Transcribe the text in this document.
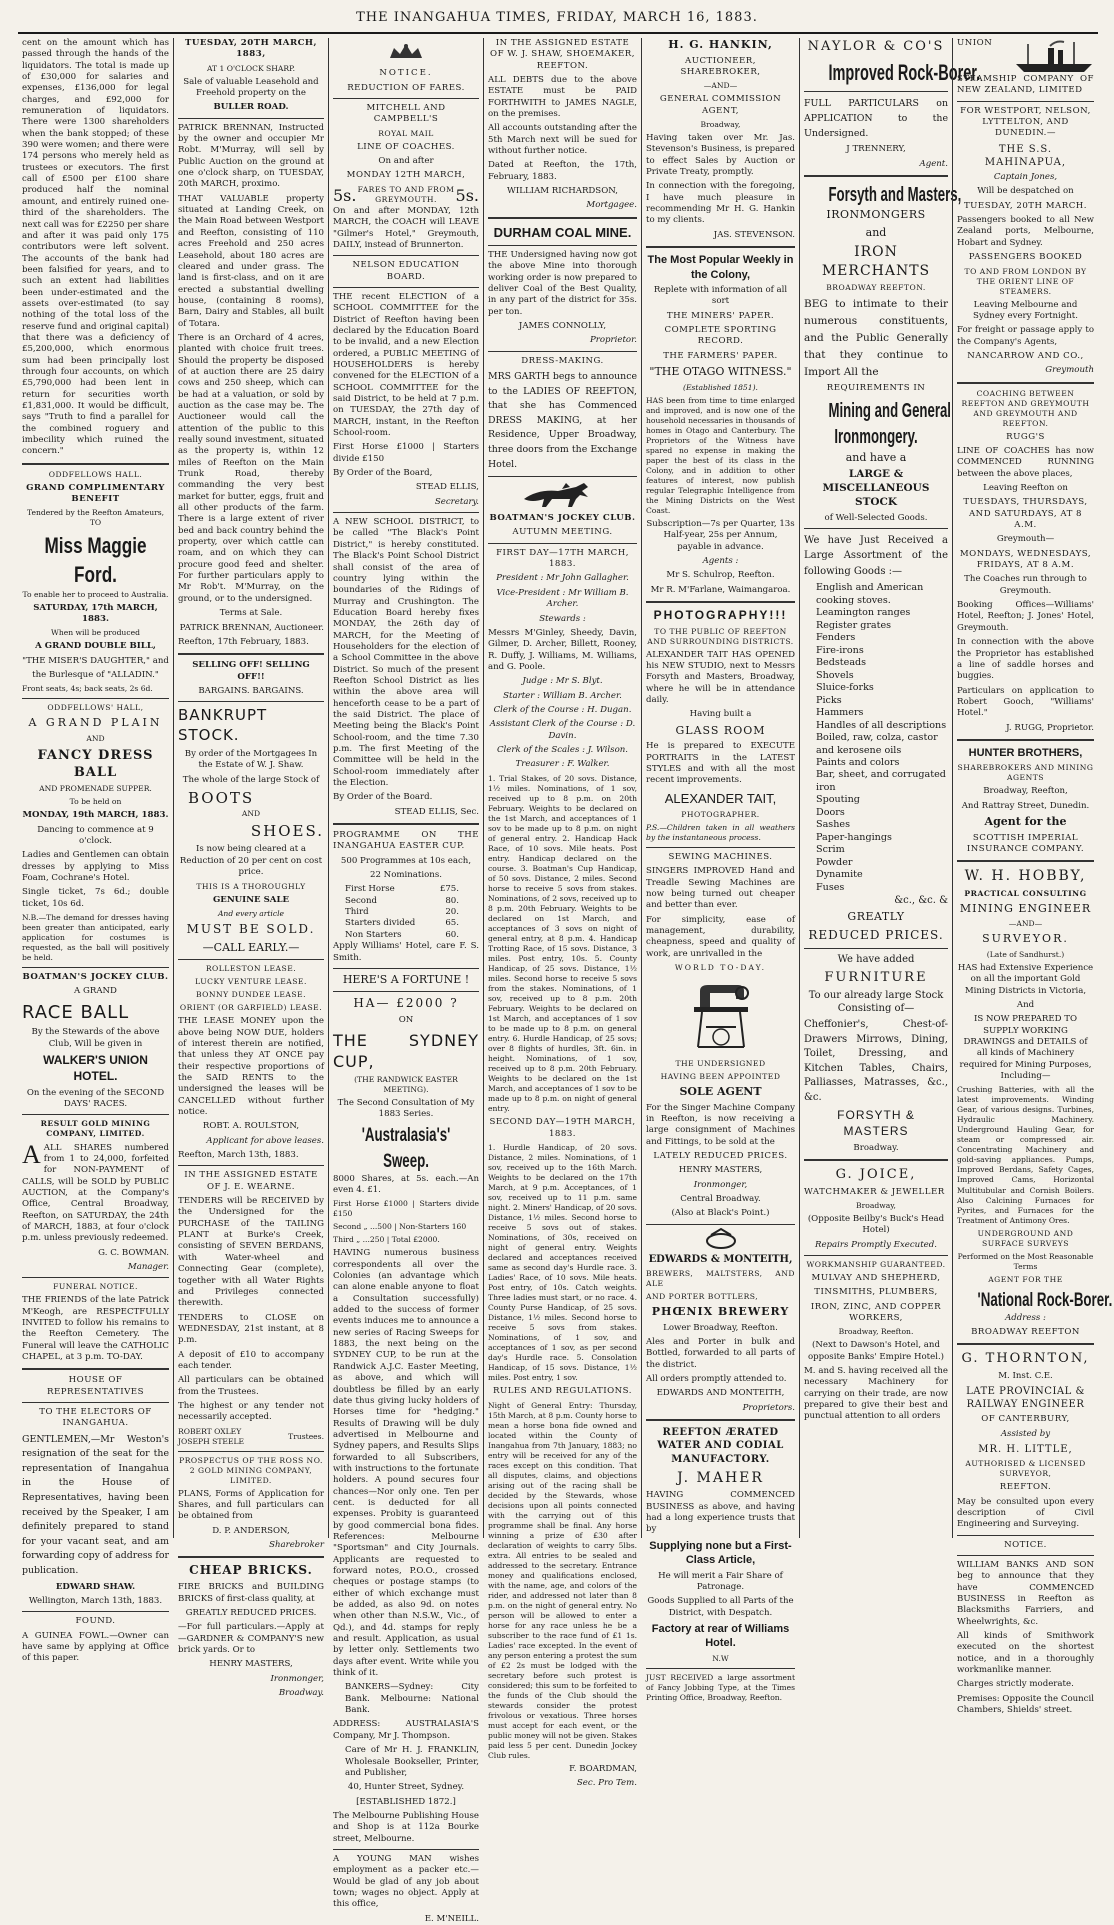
THE INANGAHUA TIMES, FRIDAY, MARCH 16, 1883.

cent on the amount which has passed through the hands of the liquidators. The total is made up of £30,000 for salaries and expenses, £136,000 for legal charges, and £92,000 for remuneration of liquidators. There were 1300 shareholders when the bank stopped; of these 390 were women; and there were 174 persons who merely held as trustees or executors. The first call of £500 per £100 share produced half the nominal amount, and entirely ruined one-third of the shareholders. The next call was for £2250 per share and after it was paid only 175 contributors were left solvent. The accounts of the bank had been falsified for years, and to such an extent had liabilities been under-estimated and the assets over-estimated (to say nothing of the total loss of the reserve fund and original capital) that there was a deficiency of £5,200,000, which enormous sum had been principally lost through four accounts, on which £5,790,000 had been lent in return for securities worth £1,831,000. It would be difficult, says "Truth to find a parallel for the combined roguery and imbecility which ruined the concern."

ODDFELLOWS HALL.

GRAND COMPLIMENTARY BENEFIT

Tendered by the Reefton Amateurs, TO

Miss Maggie Ford.

To enable her to proceed to Australia.

SATURDAY, 17th MARCH, 1883.

When will be produced

A GRAND DOUBLE BILL,

"THE MISER'S DAUGHTER," and

the Burlesque of "ALLADIN."

Front seats, 4s; back seats, 2s 6d.

ODDFELLOWS' HALL,

A GRAND PLAIN

AND

FANCY DRESS BALL

AND PROMENADE SUPPER.

To be held on

MONDAY, 19th MARCH, 1883.

Dancing to commence at 9 o'clock.

Ladies and Gentlemen can obtain dresses by applying to Miss Foam, Cochrane's Hotel.

Single ticket, 7s 6d.; double ticket, 10s 6d.

N.B.—The demand for dresses having been greater than anticipated, early application for costumes is requested, as the ball will positively be held.

BOATMAN'S JOCKEY CLUB.

A GRAND

RACE BALL

By the Stewards of the above Club, Will be given in

WALKER'S UNION HOTEL.

On the evening of the SECOND DAYS' RACES.

RESULT GOLD MINING COMPANY, LIMITED.

AALL SHARES numbered from 1 to 24,000, forfeited for NON-PAYMENT of CALLS, will be SOLD by PUBLIC AUCTION, at the Company's Office, Central Broadway, Reefton, on SATURDAY, the 24th of MARCH, 1883, at four o'clock p.m. unless previously redeemed.

G. C. BOWMAN.

Manager.

FUNERAL NOTICE.

THE FRIENDS of the late Patrick M'Keogh, are RESPECTFULLY INVITED to follow his remains to the Reefton Cemetery. The Funeral will leave the CATHOLIC CHAPEL, at 3 p.m. TO-DAY.

HOUSE OF REPRESENTATIVES

TO THE ELECTORS OF INANGAHUA.

GENTLEMEN,—Mr Weston's resignation of the seat for the representation of Inangahua in the House of Representatives, having been received by the Speaker, I am definitely prepared to stand for your vacant seat, and am forwarding copy of address for publication.

EDWARD SHAW.

Wellington, March 13th, 1883.

FOUND.

A GUINEA FOWL.—Owner can have same by applying at Office of this paper.

TUESDAY, 20TH MARCH, 1883,

AT 1 O'CLOCK SHARP.

Sale of valuable Leasehold and Freehold property on the

BULLER ROAD.

PATRICK BRENNAN, Instructed by the owner and occupier Mr Robt. M'Murray, will sell by Public Auction on the ground at one o'clock sharp, on TUESDAY, 20th MARCH, proximo.

THAT VALUABLE property situated at Landing Creek, on the Main Road between Westport and Reefton, consisting of 110 acres Freehold and 250 acres Leasehold, about 180 acres are cleared and under grass. The land is first-class, and on it are erected a substantial dwelling house, (containing 8 rooms), Barn, Dairy and Stables, all built of Totara.

There is an Orchard of 4 acres, planted with choice fruit trees. Should the property be disposed of at auction there are 25 dairy cows and 250 sheep, which can be had at a valuation, or sold by auction as the case may be. The Auctioneer would call the attention of the public to this really sound investment, situated as the property is, within 12 miles of Reefton on the Main Trunk Road, thereby commanding the very best market for butter, eggs, fruit and all other products of the farm. There is a large extent of river bed and back country behind the property, over which cattle can roam, and on which they can procure good feed and shelter. For further particulars apply to Mr Rob't. M'Murray, on the ground, or to the undersigned.

Terms at Sale.

PATRICK BRENNAN, Auctioneer.

Reefton, 17th February, 1883.

SELLING OFF! SELLING OFF!!

BARGAINS. BARGAINS.

BANKRUPT STOCK.

By order of the Mortgagees In the Estate of W. J. Shaw.

The whole of the large Stock of

BOOTS

AND

SHOES.

Is now being cleared at a Reduction of 20 per cent on cost price.

THIS IS A THOROUGHLY

GENUINE SALE

And every article

MUST BE SOLD.

—CALL EARLY.—

ROLLESTON LEASE.

LUCKY VENTURE LEASE.

BONNY DUNDEE LEASE.

ORIENT (OR GARFIELD) LEASE.

THE LEASE MONEY upon the above being NOW DUE, holders of interest therein are notified, that unless they AT ONCE pay their respective proportions of the SAID RENTS to the undersigned the leases will be CANCELLED without further notice.

ROBT. A. ROULSTON,

Applicant for above leases.

Reefton, March 13th, 1883.

IN THE ASSIGNED ESTATE OF J. E. WEARNE.

TENDERS will be RECEIVED by the Undersigned for the PURCHASE of the TAILING PLANT at Burke's Creek, consisting of SEVEN BERDANS, with Water-wheel and Connecting Gear (complete), together with all Water Rights and Privileges connected therewith.

TENDERS to CLOSE on WEDNESDAY, 21st instant, at 8 p.m.

A deposit of £10 to accompany each tender.

All particulars can be obtained from the Trustees.

The highest or any tender not necessarily accepted.

ROBERT OXLEY
JOSEPH STEELE
Trustees.

PROSPECTUS OF THE ROSS NO. 2 GOLD MINING COMPANY, LIMITED.

PLANS, Forms of Application for Shares, and full particulars can be obtained from

D. P. ANDERSON,

Sharebroker

CHEAP BRICKS.

FIRE BRICKS and BUILDING BRICKS of first-class quality, at

GREATLY REDUCED PRICES.

—For full particulars.—Apply at—GARDNER & COMPANY'S new brick yards. Or to

HENRY MASTERS,

Ironmonger,

Broadway.

NOTICE.

REDUCTION OF FARES.

MITCHELL AND CAMPBELL'S

ROYAL MAIL

LINE OF COACHES.

On and after

MONDAY 12TH MARCH,

5s. FARES TO AND FROM
GREYMOUTH.	5s.

On and after MONDAY, 12th MARCH, the COACH will LEAVE "Gilmer's Hotel," Greymouth, DAILY, instead of Brunnerton.

NELSON EDUCATION BOARD.

THE recent ELECTION of a SCHOOL COMMITTEE for the District of Reefton having been declared by the Education Board to be invalid, and a new Election ordered, a PUBLIC MEETING of HOUSEHOLDERS is hereby convened for the ELECTION of a SCHOOL COMMITTEE for the said District, to be held at 7 p.m. on TUESDAY, the 27th day of MARCH, instant, in the Reefton School-room.

First Horse £1000 | Starters divide £150

By Order of the Board,

STEAD ELLIS,

Secretary.

A NEW SCHOOL DISTRICT, to be called "The Black's Point District," is hereby constituted. The Black's Point School District shall consist of the area of country lying within the boundaries of the Ridings of Murray and Crushington. The Education Board hereby fixes MONDAY, the 26th day of MARCH, for the Meeting of Householders for the election of a School Committee in the above District. So much of the present Reefton School District as lies within the above area will henceforth cease to be a part of the said District. The place of Meeting being the Black's Point School-room, and the time 7.30 p.m. The first Meeting of the Committee will be held in the School-room immediately after the Election.

By Order of the Board.

STEAD ELLIS, Sec.

PROGRAMME ON THE INANGAHUA EASTER CUP.

500 Programmes at 10s each,

22 Nominations.

First Horse	£75.
Second	80.
Third	20.
Starters divided	65.
Non Starters	60.

Apply Williams' Hotel, care F. S. Smith.

HERE'S A FORTUNE !

HA— £2000 ?

ON

THE SYDNEY CUP,

(THE RANDWICK EASTER MEETING).

The Second Consultation of My 1883 Series.

'Australasia's' Sweep.

8000 Shares, at 5s. each.—An even 4. £1.

First Horse £1000 | Starters divide £150

Second „ ...500 | Non-Starters 160

Third „ ...250 | Total £2000.

HAVING numerous business correspondents all over the Colonies (an advantage which can alone enable anyone to float a Consultation successfully) added to the success of former events induces me to announce a new series of Racing Sweeps for 1883, the next being on the SYDNEY CUP, to be run at the Randwick A.J.C. Easter Meeting, as above, and which will doubtless be filled by an early date thus giving lucky holders of Horses time for "hedging." Results of Drawing will be duly advertised in Melbourne and Sydney papers, and Results Slips forwarded to all Subscribers, with instructions to the fortunate holders. A pound secures four chances—Nor only one. Ten per cent. is deducted for all expenses. Probity is guaranteed by good commercial bona fides. References: Melbourne "Sportsman" and City Journals. Applicants are requested to forward notes, P.O.O., crossed cheques or postage stamps (to either of which exchange must be added, as also 9d. on notes when other than N.S.W., Vic., of Qd.), and 4d. stamps for reply and result. Application, as usual by letter only. Settlements two days after event. Write while you think of it.

BANKERS—Sydney: City Bank. Melbourne: National Bank.

ADDRESS: AUSTRALASIA'S Company, Mr J. Thompson.

Care of Mr H. J. FRANKLIN, Wholesale Bookseller, Printer, and Publisher,

40, Hunter Street, Sydney.

[ESTABLISHED 1872.]

The Melbourne Publishing House and Shop is at 112a Bourke street, Melbourne.

A YOUNG MAN wishes employment as a packer etc.—Would be glad of any job about town; wages no object. Apply at this office,

E. M'NEILL.

IN THE ASSIGNED ESTATE OF W. J. SHAW, SHOEMAKER, REEFTON.

ALL DEBTS due to the above ESTATE must be PAID FORTHWITH to JAMES NAGLE, on the premises.

All accounts outstanding after the 5th March next will be sued for without further notice.

Dated at Reefton, the 17th, February, 1883.

WILLIAM RICHARDSON,

Mortgagee.

DURHAM COAL MINE.

THE Undersigned having now got the above Mine into thorough working order is now prepared to deliver Coal of the Best Quality, in any part of the district for 35s. per ton.

JAMES CONNOLLY,

Proprietor.

DRESS-MAKING.

MRS GARTH begs to announce to the LADIES OF REEFTON, that she has Commenced DRESS MAKING, at her Residence, Upper Broadway, three doors from the Exchange Hotel.

BOATMAN'S JOCKEY CLUB.

AUTUMN MEETING.

FIRST DAY—17TH MARCH, 1883.

President : Mr John Gallagher.

Vice-President : Mr William B. Archer.

Stewards :

Messrs M'Ginley, Sheedy, Davin, Gilmer, D. Archer, Billett, Rooney, R. Duffy, J. Williams, M. Williams, and G. Poole.

Judge : Mr S. Blyt.

Starter : William B. Archer.

Clerk of the Course : H. Dugan.

Assistant Clerk of the Course : D. Davin.

Clerk of the Scales : J. Wilson.

Treasurer : F. Walker.

1. Trial Stakes, of 20 sovs. Distance, 1½ miles. Nominations, of 1 sov, received up to 8 p.m. on 20th February. Weights to be declared on the 1st March, and acceptances of 1 sov to be made up to 8 p.m. on night of general entry. 2. Handicap Hack Race, of 10 sovs. Mile heats. Post entry. Handicap declared on the course. 3. Boatman's Cup Handicap, of 50 sovs. Distance, 2 miles. Second horse to receive 5 sovs from stakes. Nominations, of 2 sovs, received up to 8 p.m. 20th February. Weights to be declared on 1st March, and acceptances of 3 sovs on night of general entry, at 8 p.m. 4. Handicap Trotting Race, of 15 sovs. Distance, 3 miles. Post entry, 10s. 5. County Handicap, of 25 sovs. Distance, 1½ miles. Second horse to receive 5 sovs from the stakes. Nominations, of 1 sov, received up to 8 p.m. 20th February. Weights to be declared on 1st March, and acceptances of 1 sov to be made up to 8 p.m. on general entry. 6. Hurdle Handicap, of 25 sovs; over 8 flights of hurdles, 3ft. 6in. in height. Nominations, of 1 sov, received up to 8 p.m. 20th February. Weights to be declared on the 1st March, and acceptances of 1 sov to be made up to 8 p.m. on night of general entry.

SECOND DAY—19TH MARCH, 1883.

1. Hurdle Handicap, of 20 sovs. Distance, 2 miles. Nominations, of 1 sov, received up to the 16th March. Weights to be declared on the 17th March, at 9 p.m. Acceptances, of 1 sov, received up to 11 p.m. same night. 2. Miners' Handicap, of 20 sovs. Distance, 1½ miles. Second horse to receive 5 sovs out of stakes. Nominations, of 30s, received on night of general entry. Weights declared and acceptances received same as second day's Hurdle race. 3. Ladies' Race, of 10 sovs. Mile heats. Post entry, of 10s. Catch weights. Three ladies must start, or no race. 4. County Purse Handicap, of 25 sovs. Distance, 1½ miles. Second horse to receive 5 sovs from stakes. Nominations, of 1 sov, and acceptances of 1 sov, as per second day's Hurdle race. 5. Consolation Handicap, of 15 sovs. Distance, 1½ miles. Post entry, 1 sov.

RULES AND REGULATIONS.

Night of General Entry: Thursday, 15th March, at 8 p.m. County horse to mean a horse bona fide owned and located within the County of Inangahua from 7th January, 1883; no entry will be received for any of the races except on this condition. That all disputes, claims, and objections arising out of the racing shall be decided by the Stewards, whose decisions upon all points connected with the carrying out of this programme shall be final. Any horse winning a prize of £30 after declaration of weights to carry 5lbs. extra. All entries to be sealed and addressed to the secretary. Entrance money and qualifications enclosed, with the name, age, and colors of the rider, and addressed not later than 8 p.m. on the night of general entry. No person will be allowed to enter a horse for any race unless he be a subscriber to the race fund of £1 1s. Ladies' race excepted. In the event of any person entering a protest the sum of £2 2s must be lodged with the secretary before such protest is considered; this sum to be forfeited to the funds of the Club should the stewards consider the protest frivolous or vexatious. Three horses must accept for each event, or the public money will not be given. Stakes paid less 5 per cent. Dunedin Jockey Club rules.

F. BOARDMAN,

Sec. Pro Tem.

H. G. HANKIN,

AUCTIONEER, SHAREBROKER,

—AND—

GENERAL COMMISSION AGENT,

Broadway,

Having taken over Mr. Jas. Stevenson's Business, is prepared to effect Sales by Auction or Private Treaty, promptly.

In connection with the foregoing, I have much pleasure in recommending Mr H. G. Hankin to my clients.

JAS. STEVENSON.

The Most Popular Weekly in the Colony,

Replete with information of all sort

THE MINERS' PAPER.

COMPLETE SPORTING RECORD.

THE FARMERS' PAPER.

"THE OTAGO WITNESS."

(Established 1851).

HAS been from time to time enlarged and improved, and is now one of the household necessaries in thousands of homes in Otago and Canterbury. The Proprietors of the Witness have spared no expense in making the paper the best of its class in the Colony, and in addition to other features of interest, now publish regular Telegraphic Intelligence from the Mining Districts on the West Coast.

Subscription—7s per Quarter, 13s Half-year, 25s per Annum, payable in advance.

Agents :

Mr S. Schulrop, Reefton.

Mr R. M'Farlane, Waimangaroa.

PHOTOGRAPHY!!!

TO THE PUBLIC OF REEFTON AND SURROUNDING DISTRICTS.

ALEXANDER TAIT HAS OPENED his NEW STUDIO, next to Messrs Forsyth and Masters, Broadway, where he will be in attendance daily.

Having built a

GLASS ROOM

He is prepared to EXECUTE PORTRAITS in the LATEST STYLES and with all the most recent improvements.

ALEXANDER TAIT,

PHOTOGRAPHER.

P.S.—Children taken in all weathers by the instantaneous process.

SEWING MACHINES.

SINGERS IMPROVED Hand and Treadle Sewing Machines are now being turned out cheaper and better than ever.

For simplicity, ease of management, durability, cheapness, speed and quality of work, are unrivalled in the

WORLD TO-DAY.

THE UNDERSIGNED

HAVING BEEN APPOINTED

SOLE AGENT

For the Singer Machine Company in Reefton, is now receiving a large consignment of Machines and Fittings, to be sold at the

LATELY REDUCED PRICES.

HENRY MASTERS,

Ironmonger,

Central Broadway.

(Also at Black's Point.)

EDWARDS & MONTEITH,

BREWERS, MALTSTERS, AND ALE

AND PORTER BOTTLERS,

PHŒNIX BREWERY

Lower Broadway, Reefton.

Ales and Porter in bulk and Bottled, forwarded to all parts of the district.

All orders promptly attended to.

EDWARDS AND MONTEITH,

Proprietors.

REEFTON ÆRATED WATER AND CODIAL MANUFACTORY.

J. MAHER

HAVING COMMENCED BUSINESS as above, and having had a long experience trusts that by

Supplying none but a First-Class Article,

He will merit a Fair Share of Patronage.

Goods Supplied to all Parts of the District, with Despatch.

Factory at rear of Williams Hotel.

N.W

JUST RECEIVED a large assortment of Fancy Jobbing Type, at the Times Printing Office, Broadway, Reefton.

NAYLOR & CO'S

Improved Rock-Borer.

FULL PARTICULARS on APPLICATION to the Undersigned.

J TRENNERY,

Agent.

Forsyth and Masters,

IRONMONGERS

and

IRON MERCHANTS

BROADWAY REEFTON.

BEG to intimate to their numerous constituents, and the Public Generally that they continue to Import All the

REQUIREMENTS IN

Mining and General
Ironmongery.

and have a

LARGE & MISCELLANEOUS STOCK

of Well-Selected Goods.

We have Just Received a Large Assortment of the following Goods :—

English and American cooking stoves.
Leamington ranges
Register grates
Fenders
Fire-irons
Bedsteads
Shovels
Sluice-forks
Picks
Hammers
Handles of all descriptions
Boiled, raw, colza, castor and kerosene oils
Paints and colors
Bar, sheet, and corrugated iron
Spouting
Doors
Sashes
Paper-hangings
Scrim
Powder
Dynamite
Fuses

&c., &c. &

GREATLY

REDUCED PRICES.

We have added

FURNITURE

To our already large Stock Consisting of—

Cheffonier's, Chest-of-Drawers Mirrows, Dining, Toilet, Dressing, and Kitchen Tables, Chairs, Palliasses, Matrasses, &c., &c.

FORSYTH & MASTERS

Broadway.

G. JOICE,

WATCHMAKER & JEWELLER

Broadway,

(Opposite Beilby's Buck's Head Hotel)

Repairs Promptly Executed.

WORKMANSHIP GUARANTEED.

MULVAY AND SHEPHERD,

TINSMITHS, PLUMBERS,

IRON, ZINC, AND COPPER WORKERS,

Broadway, Reefton.

(Next to Dawson's Hotel, and opposite Banks' Empire Hotel.)

M. and S. having received all the necessary Machinery for carrying on their trade, are now prepared to give their best and punctual attention to all orders

UNION STEAMSHIP COMPANY OF NEW ZEALAND, LIMITED

FOR WESTPORT, NELSON, LYTTELTON, AND DUNEDIN.—

THE S.S. MAHINAPUA,

Captain Jones,

Will be despatched on

TUESDAY, 20TH MARCH.

Passengers booked to all New Zealand ports, Melbourne, Hobart and Sydney.

PASSENGERS BOOKED

TO AND FROM LONDON BY THE ORIENT LINE OF STEAMERS.

Leaving Melbourne and Sydney every Fortnight.

For freight or passage apply to the Company's Agents,

NANCARROW AND CO.,

Greymouth

COACHING BETWEEN REEFTON AND GREYMOUTH AND GREYMOUTH AND REEFTON.

RUGG'S

LINE OF COACHES has now COMMENCED RUNNING between the above places,

Leaving Reefton on

TUESDAYS, THURSDAYS, AND SATURDAYS, AT 8 A.M.

Greymouth—

MONDAYS, WEDNESDAYS, FRIDAYS, AT 8 A.M.

The Coaches run through to Greymouth.

Booking Offices—Williams' Hotel, Reefton; J. Jones' Hotel, Greymouth.

In connection with the above the Proprietor has established a line of saddle horses and buggies.

Particulars on application to Robert Gooch, "Williams' Hotel."

J. RUGG, Proprietor.

HUNTER BROTHERS,

SHAREBROKERS AND MINING AGENTS

Broadway, Reefton,

And Rattray Street, Dunedin.

Agent for the

SCOTTISH IMPERIAL INSURANCE COMPANY.

W. H. HOBBY,

PRACTICAL CONSULTING

MINING ENGINEER

—AND—

SURVEYOR.

(Late of Sandhurst.)

HAS had Extensive Experience on all the important Gold Mining Districts in Victoria,

And

IS NOW PREPARED TO SUPPLY WORKING DRAWINGS and DETAILS of all kinds of Machinery required for Mining Purposes, Including—

Crushing Batteries, with all the latest improvements. Winding Gear, of various designs. Turbines, Hydraulic Machinery. Underground Hauling Gear, for steam or compressed air. Concentrating Machinery and gold-saving appliances. Pumps, Improved Berdans, Safety Cages, Improved Cams, Horizontal Multitubular and Cornish Boilers. Also Calcining Furnaces for Pyrites, and Furnaces for the Treatment of Antimony Ores.

UNDERGROUND AND SURFACE SURVEYS

Performed on the Most Reasonable Terms

AGENT FOR THE

'National Rock-Borer.

Address :

BROADWAY REEFTON

G. THORNTON,

M. Inst. C.E.

LATE PROVINCIAL & RAILWAY ENGINEER

OF CANTERBURY,

Assisted by

MR. H. LITTLE,

AUTHORISED & LICENSED SURVEYOR,

REEFTON.

May be consulted upon every description of Civil Engineering and Surveying.

NOTICE.

WILLIAM BANKS AND SON beg to announce that they have COMMENCED BUSINESS in Reefton as Blacksmiths Farriers, and Wheelwrights, &c.

All kinds of Smithwork executed on the shortest notice, and in a thoroughly workmanlike manner.

Charges strictly moderate.

Premises: Opposite the Council Chambers, Shields' street.
